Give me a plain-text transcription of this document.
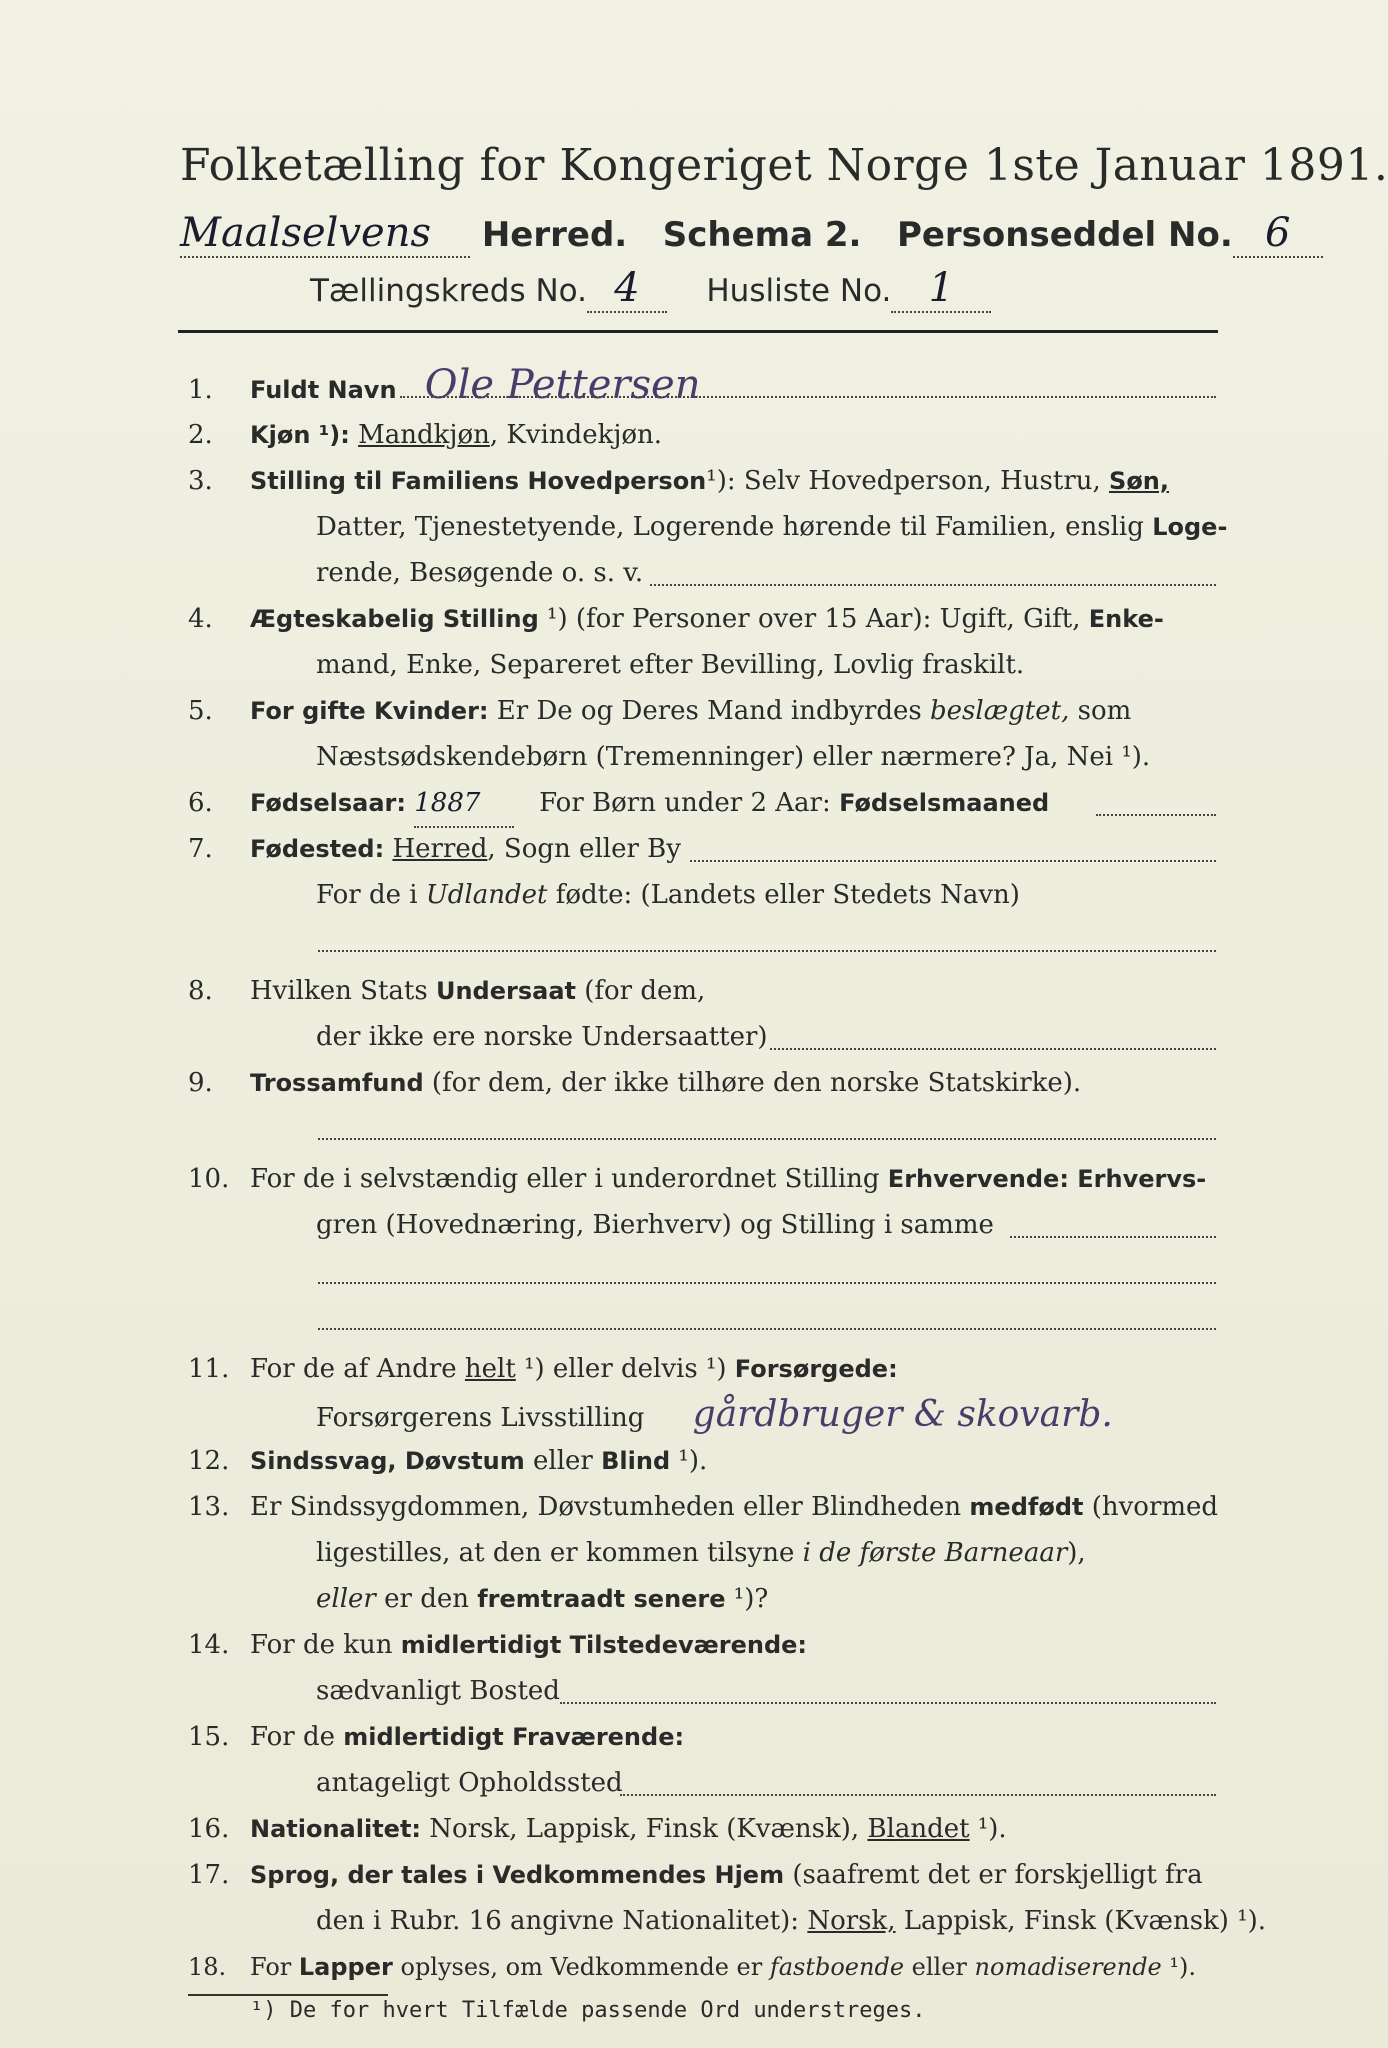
Folketælling for Kongeriget Norge 1ste Januar 1891.
Maalselvens Herred. Schema 2. Personseddel No. 6
Tællingskreds No. 4 Husliste No. 1
1. Fuldt Navn Ole Pettersen
2. Kjøn ¹): Mandkjøn, Kvindekjøn.
3. Stilling til Familiens Hovedperson¹): Selv Hovedperson, Hustru, Søn,
Datter, Tjenestetyende, Logerende hørende til Familien, enslig Loge-
rende, Besøgende o. s. v.
4. Ægteskabelig Stilling ¹) (for Personer over 15 Aar): Ugift, Gift, Enke-
mand, Enke, Separeret efter Bevilling, Lovlig fraskilt.
5. For gifte Kvinder: Er De og Deres Mand indbyrdes beslægtet, som
Næstsødskendebørn (Tremenninger) eller nærmere? Ja, Nei ¹).
6. Fødselsaar: 1887 For Børn under 2 Aar: Fødselsmaaned
7. Fødested: Herred, Sogn eller By
For de i Udlandet fødte: (Landets eller Stedets Navn)
8. Hvilken Stats Undersaat (for dem,
der ikke ere norske Undersaatter)
9. Trossamfund (for dem, der ikke tilhøre den norske Statskirke).
10. For de i selvstændig eller i underordnet Stilling Erhvervende: Erhvervs-
gren (Hovednæring, Bierhverv) og Stilling i samme
11. For de af Andre helt ¹) eller delvis ¹) Forsørgede:
Forsørgerens Livsstilling gårdbruger & skovarb.
12. Sindssvag, Døvstum eller Blind ¹).
13. Er Sindssygdommen, Døvstumheden eller Blindheden medfødt (hvormed
ligestilles, at den er kommen tilsyne i de første Barneaar),
eller er den fremtraadt senere ¹)?
14. For de kun midlertidigt Tilstedeværende:
sædvanligt Bosted
15. For de midlertidigt Fraværende:
antageligt Opholdssted
16. Nationalitet: Norsk, Lappisk, Finsk (Kvænsk), Blandet ¹).
17. Sprog, der tales i Vedkommendes Hjem (saafremt det er forskjelligt fra
den i Rubr. 16 angivne Nationalitet): Norsk, Lappisk, Finsk (Kvænsk) ¹).
18. For Lapper oplyses, om Vedkommende er fastboende eller nomadiserende ¹).
¹) De for hvert Tilfælde passende Ord understreges.
